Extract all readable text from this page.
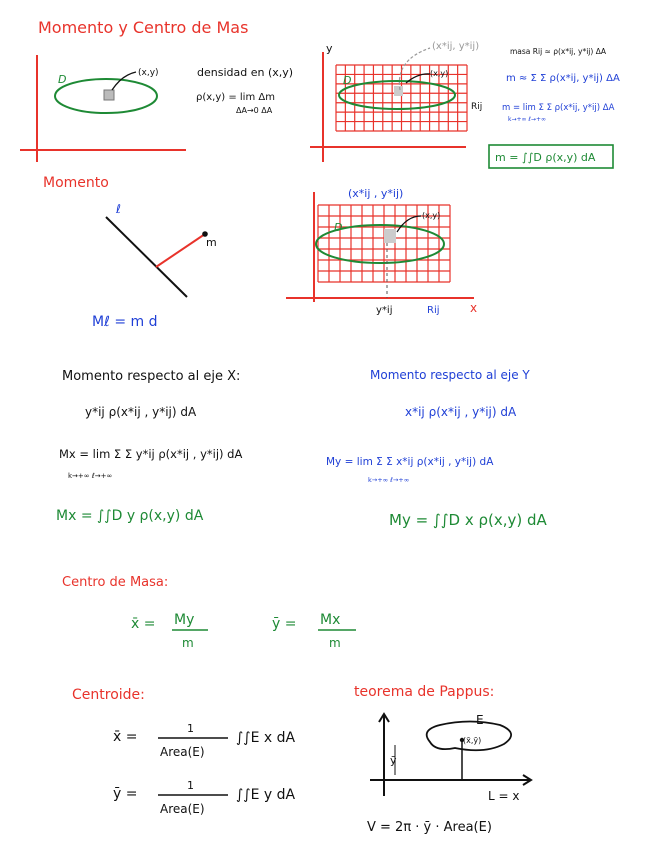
Momento y Centro de Mas
D	(x,y)	densidad en (x,y)
ρ(x,y) = lim Δm
ΔA→0 ΔA
y	(x*ij, y*ij)
(x,y)
D
Rij
masa Rij ≈ ρ(x*ij, y*ij) ΔA
m ≈ Σ Σ ρ(x*ij, y*ij) ΔA
m = lim Σ Σ ρ(x*ij, y*ij) ΔA
k→+∞ ℓ→+∞
m = ∫∫D ρ(x,y) dA
Momento
ℓ
m
Mℓ = m d
(x*ij , y*ij)
(x,y)
D
y*ij	Rij	x
Momento respecto al eje X:
y*ij ρ(x*ij , y*ij) dA
Mx = lim Σ Σ y*ij ρ(x*ij , y*ij) dA
k→+∞ ℓ→+∞
Mx = ∫∫D y ρ(x,y) dA
Momento respecto al eje Y
x*ij ρ(x*ij , y*ij) dA
My = lim Σ Σ x*ij ρ(x*ij , y*ij) dA
k→+∞ ℓ→+∞
My = ∫∫D x ρ(x,y) dA
Centro de Masa:
x̄ = My
m
ȳ = Mx
m
Centroide:
x̄ =
1
Area(E)
∫∫E x dA
ȳ =
1
Area(E)
∫∫E y dA
teorema de Pappus:
E
(x̄,ȳ)
ȳ
L = x
V = 2π · ȳ · Area(E)
